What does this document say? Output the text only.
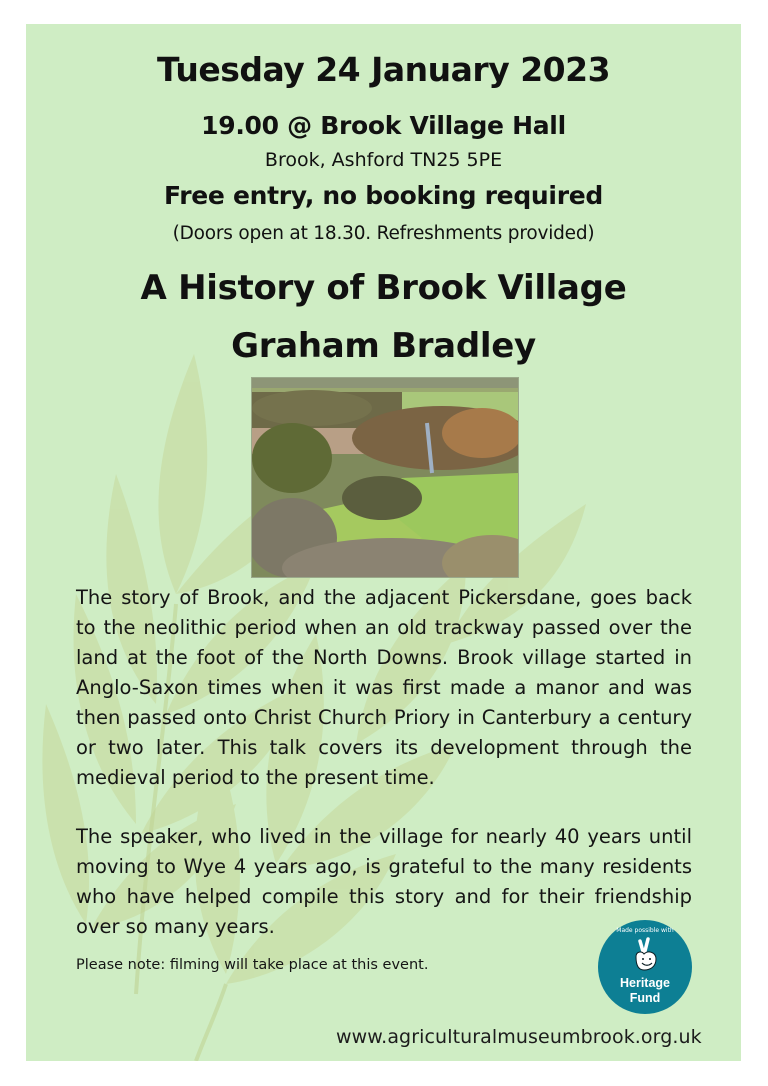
Tuesday 24 January 2023
19.00 @ Brook Village Hall
Brook, Ashford TN25 5PE
Free entry, no booking required
(Doors open at 18.30. Refreshments provided)
A History of Brook Village
Graham Bradley
The story of Brook, and the adjacent Pickersdane, goes back to the neolithic period when an old trackway passed over the land at the foot of the North Downs. Brook village started in Anglo-Saxon times when it was first made a manor and was then passed onto Christ Church Priory in Canterbury a century or two later. This talk covers its development through the medieval period to the present time.
The speaker, who lived in the village for nearly 40 years until moving to Wye 4 years ago, is grateful to the many residents who have helped compile this story and for their friendship over so many years.
Please note: filming will take place at this event.
Made possible with
Heritage
Fund
www.agriculturalmuseumbrook.org.uk
